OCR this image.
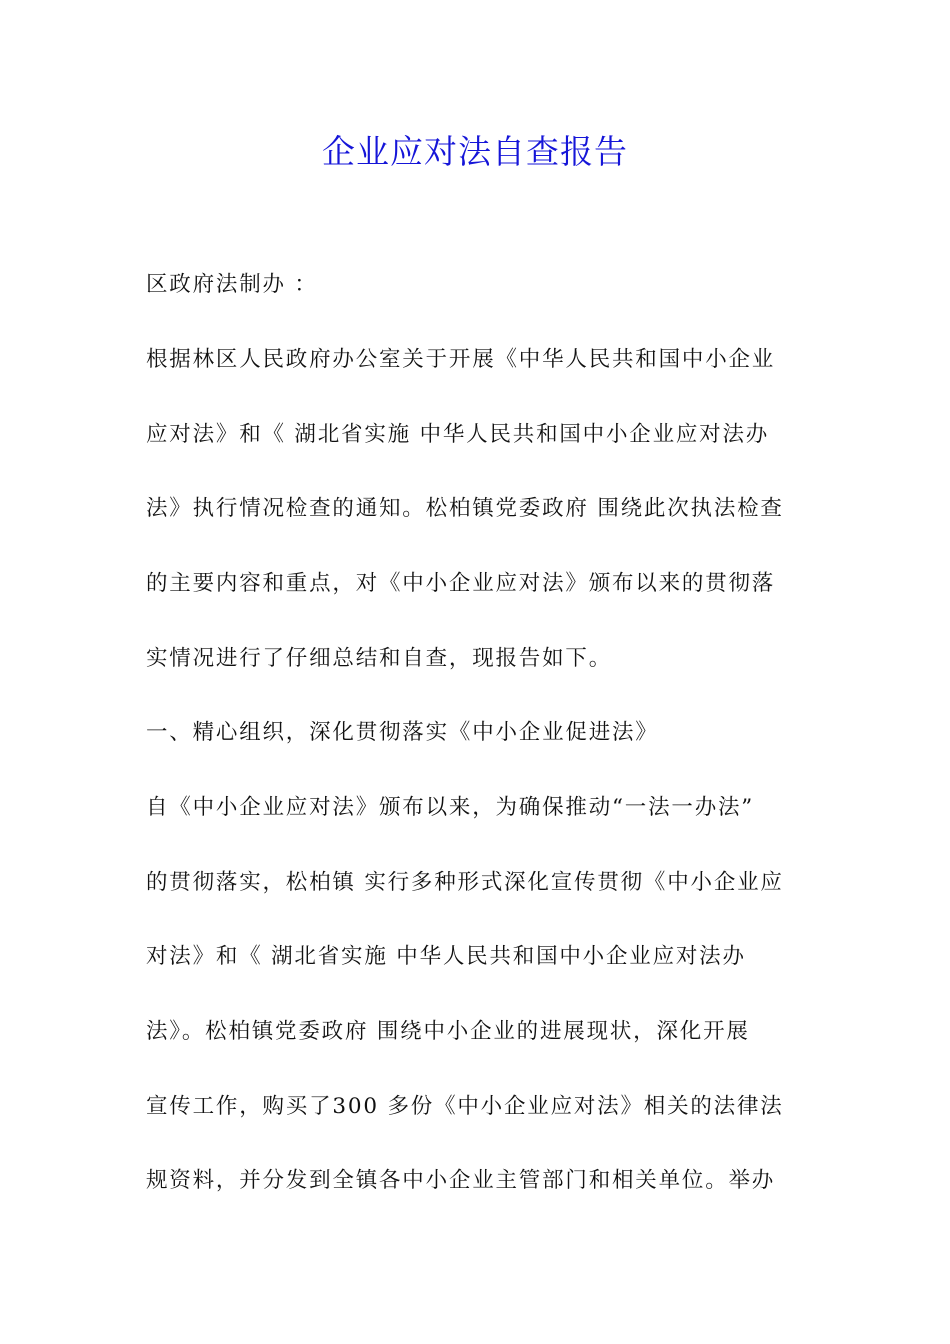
企业应对法自查报告
区政府法制办 ：
根据林区人民政府办公室关于开展《中华人民共和国中小企业
应对法》和《 湖北省实施 中华人民共和国中小企业应对法办
法》执行情况检查的通知。松柏镇党委政府 围绕此次执法检查
的主要内容和重点，对《中小企业应对法》颁布以来的贯彻落
实情况进行了仔细总结和自查，现报告如下。
一、精心组织，深化贯彻落实《中小企业促进法》
自《中小企业应对法》颁布以来，为确保推动“一法一办法”
的贯彻落实，松柏镇 实行多种形式深化宣传贯彻《中小企业应
对法》和《 湖北省实施 中华人民共和国中小企业应对法办
法》。松柏镇党委政府 围绕中小企业的进展现状，深化开展
宣传工作，购买了300 多份《中小企业应对法》相关的法律法
规资料，并分发到全镇各中小企业主管部门和相关单位。举办
